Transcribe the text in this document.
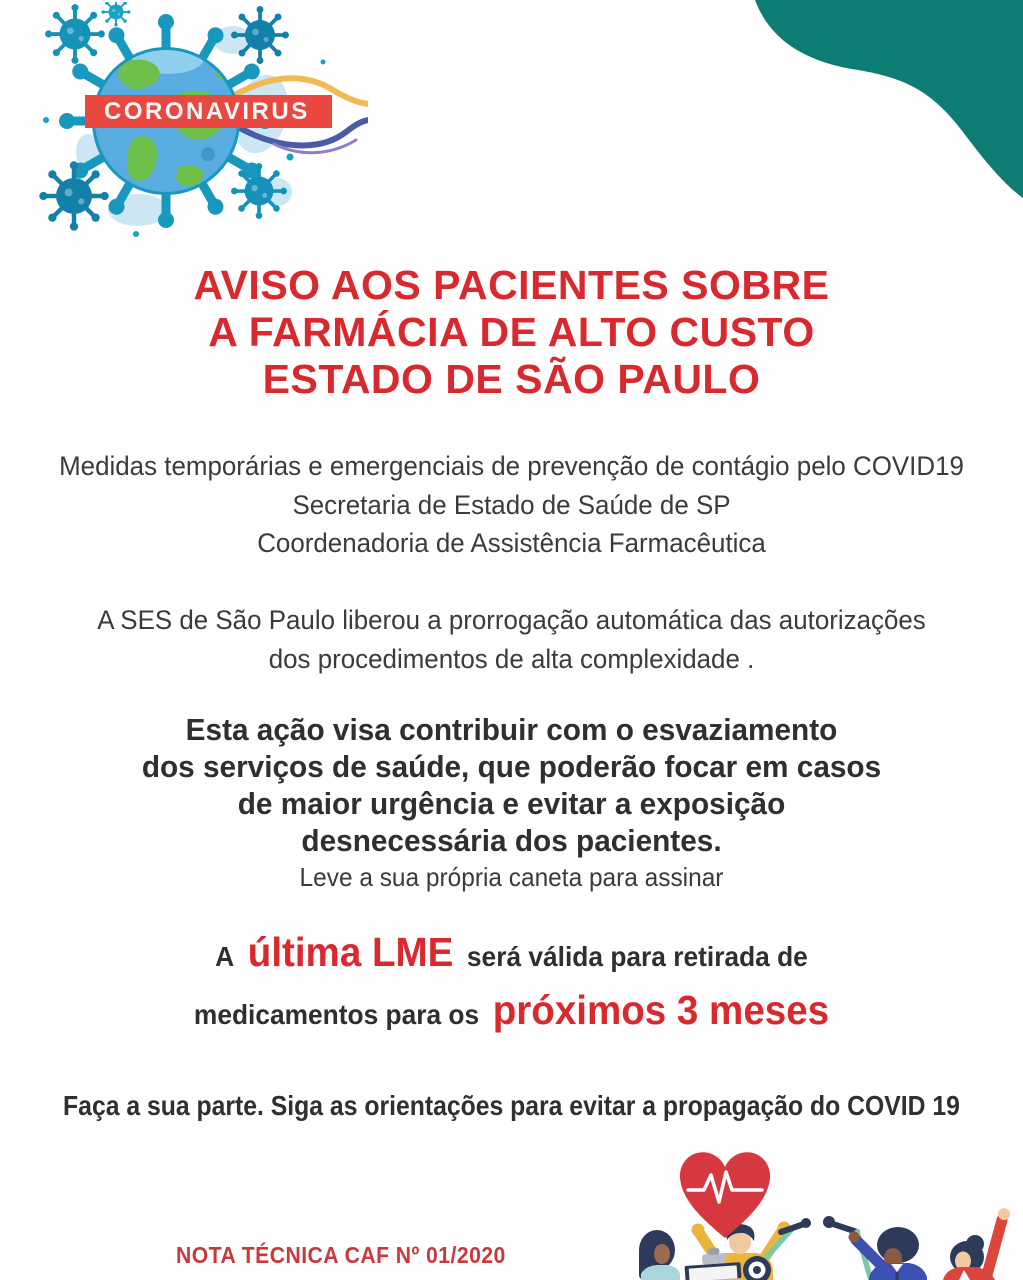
CORONAVIRUS
AVISO AOS PACIENTES SOBRE
A FARMÁCIA DE ALTO CUSTO
ESTADO DE SÃO PAULO
Medidas temporárias e emergenciais de prevenção de contágio pelo COVID19
Secretaria de Estado de Saúde de SP
Coordenadoria de Assistência Farmacêutica
A SES de São Paulo liberou a prorrogação automática das autorizações
dos procedimentos de alta complexidade .
Esta ação visa contribuir com o esvaziamento
dos serviços de saúde, que poderão focar em casos
de maior urgência e evitar a exposição
desnecessária dos pacientes.
Leve a sua própria caneta para assinar
A última LME será válida para retirada de
medicamentos para os próximos 3 meses
Faça a sua parte. Siga as orientações para evitar a propagação do COVID 19
NOTA TÉCNICA CAF Nº 01/2020
